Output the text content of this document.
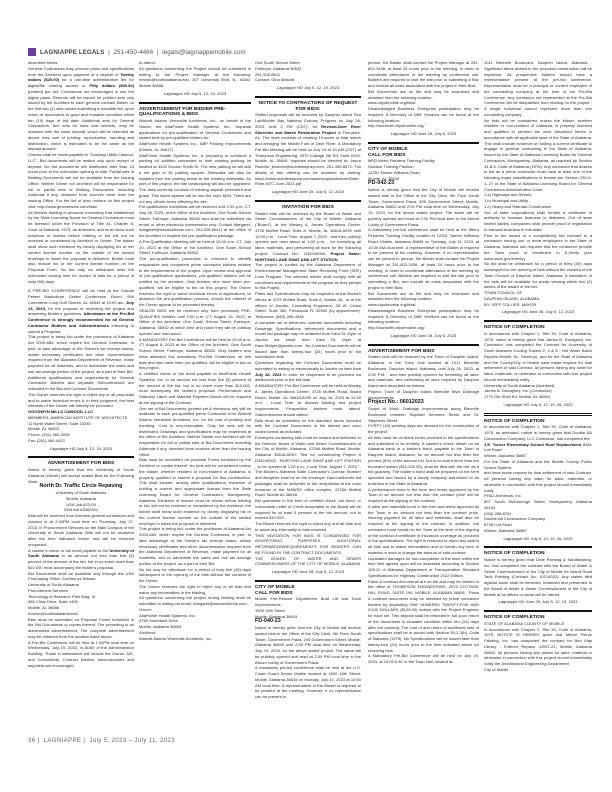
LAGNIAPPE LEGALS
|
251-450-4466
|
legals@lagniappemobile.com

described below.

General Contractors may procure plans and specifications from the Architect upon payment of a deposit of Twenty dollars ($20.00) for a one-time administrative fee for digital/file sharing access or Fifty dollars ($50.00) (printed) per set. Contractors are encouraged to use the digital plans. Refunds will be issued for printed sets only issued by the Architect to each general contract bidder on the first two (2) sets issued submitting a bonafide bid, upon return of documents in good and reusable condition within ten (10) days of bid date. Additional sets for General Contractors, and sets for subs and vendors, may be obtained with the same deposit, which will be refunded as above, less cost of printing, reproduction, handling and distribution, which is estimated to be the same as the deposit amount.

Checks shall be made payable to "Goodwyn Mills Cawood, LLC". Bid documents will be mailed only upon receipt of deposit. No bid documents will distributed later than 24 hours prior to the scheduled opening of bids. Partial sets of Bidding Documents will not be available from the Issuing Office. Neither Owner nor Architect will be responsible for full or partial sets of Bidding Documents, including Addenda if any, obtained from sources other than the Issuing Office. For the list of plan holders on this project visit: http://www.gmcnetwork.com/bids/

All bidders bidding in amounts exceeding that established by the State Licensing Board for General Contractors must be licensed under the Provision of Title 34, Chapter 8, Code of Alabama, 1975, as amended, and must show such evidence of license before bidding or bid will not be received or considered by Architect or Owner. The bidder shall show such evidence by clearly displaying his or her current license number on the outside of the sealed envelope in which the proposal is delivered. Bidder must also include his or her current license number on the Proposal Form. No bid may be withdrawn after the scheduled closing time for receipt of bids for a period of sixty (60) days.

A PRE-BID CONFERENCE will be held at the Claude Peteet Mariculture Center Conference Room, 999 Commerce Loop Gulf Shores, AL 36542 at 10:00 am, July 13, 2023, for the purpose of reviewing the project and answering Bidder's questions. Attendance at the Pre-Bid Conference is strongly recommended for all General Contractor Bidders and Subcontractors intending to submit a Proposal.

This project is being bid under the provisions of Alabama Act 2000-684, which require the General Contractor, in part, to take advantage of the Owner's tax exempt status, obtain necessary certificates and other documentation required from the Alabama Department of Revenue, make payment for all materials, and to administer the sales and use tax savings portion of the project, as a part of their Bid.

Additional qualifications and requirements for General Contractor Bidders and separate Subcontractors are indicated in the Bid and Contract Documents.

The Owner reserves the right to reject any or all proposals and to waive technical errors if, in their judgment, the best interests of the Owner will thereby be promoted.

GOODWYN MILLS CAWOOD, LLC

MEMBERS, AMERICAN INSTITUTE OF ARCHITECTS

11 North Water Street, Suite 15250

Mobile, AL 36602

Phone: (251) 460-4006

Fax: (251) 460-4423

Lagniappe HD July 5, 12, 19, 2023

ADVERTISEMENT FOR BIDS

Notice is hereby given that the University of South Alabama (Owner) will accept sealed Bids for the Following Work:

North Dr. Traffic Circle Repaving

University of South Alabama

Mobile, Alabama

USA Job #23-09

USA Bid #3062901

Bids will be received from licensed general contractors and clocked in at 2:00PM local time on Thursday, July 27, 2023, in Procurement Services on the Main Campus of the University of South Alabama. Bids will not be accepted after the time indicated herein and will be returned unopened.

A cashier's check or bid bond payable to the University of South Alabama in an amount not less than five (5) percent of the amount of the bid, but in no event more than $10,000 must accompany the bidder's proposal.

Bid Documents shall be available only through the USA Purchasing Office. Contact as follows:

University of South Alabama

Procurement Services

Technology & Research Park Bldg. III

650 Clinic Drive, Suite 1400

Mobile, AL 36688

rbrown@southalabama.edu

Bids must be submitted on Proposal Forms furnished in the Bid Documents or copies thereof. The preceding is an abbreviated advertisement. The complete advertisement may be obtained from the location listed above.

A Pre-Bid Conference will be held at 1:00PM local time on Wednesday, July 19, 2023, in AD80 of the Administration Building. Those in attendance will include the Owner, A/E, and Consultants. Contract bidders, subcontractors and suppliers are encouraged

to attend.

All questions concerning the Project should be submitted in writing to the Project Manager at the following: rbrown@southalabama.edu, 307 University Blvd. N., AD80, Mobile 36688.

Lagniappe HD July 5, 12, 19, 2023

ADVERTISEMENT FOR BIDDER PRE-QUALIFICATIONS & BIDS

Walcott Adams Verneuille Architects, Inc., on behalf of the Owner, the AltaPointe Health Systems, Inc., requests applications for pre-qualification of General Contractors and sealed bids by pre-qualified bidders for:

AltaPointe Health Systems Inc., ABP Parking Improvements (Mobile, AL 36617)

AltaPointe Health Systems, Inc. is preparing to construct a parking lot addition connected to their existing parking lot located at 3420 Gordon Smith Dr. The new parking lot will add a net gain of 46 parking spaces. Sidewalks will also be installed from the parking areas to the existing sidewalks. As part of this project, the site landscaping will also be upgraded. The area currently consists of existing asphalt pavement and grass. This storm system will tie into the city's MS4. There are not any off-site items affecting the site.

Pre-qualification submittals will be received until 2:00 p.m. CT, July 25, 2023, at the Office of the Architect, One South School Street, Fairhope, Alabama 36532 and shall be submitted via email, or other electronic transmission only. Contact Margaret, margaret@wavarchitects.com, 251-928-6641) at the office of the Architect to request the pre-qualification package.

A Pre-Qualification Meeting will be held at 10:00 a.m. CT, July 20, 2023 at the Office of the Architect, One South School Street, Fairhope, Alabama 36532.

The pre-qualification procedure is intended to identify responsible and competent prime contractor bidders relative to the requirements of the project. Upon review and approval of pre-qualification applications, pre-qualified bidders will be notified by the architect. Only bidders who have been pre-qualified, will be eligible to bid on this project. The Owner reserves the right to waive technical errors in applications, or abandon the pre-qualification process, should the interest of the Owner appear to be promoted thereby.

SEALED BIDS will be received only from previously PRE-QUALIFIED bidders until 2:00 p.m. CT, August 15, 2023, at Office of the Architect, One South School Street, Fairhope, Alabama, 36532 at which time and place they will be publicly opened and read aloud.

A MANDATORY Pre-Bid Conference will be held at 10:00 a.m. CT August 8, 2023 at the Office of the Architect, One South School Street, Fairhope, Alabama 36532. Only bidders who have attended this mandatory Pre-Bid Conference on this date and who have been pre-qualified, will be eligible to bid on this project.

A certified check or bid bond payable to AltaPointe Health Systems, Inc. in an amount not less than five (5) percent of the amount of the bid, but in no event more than $10,000, must accompany the bidder's proposal. Performance and Statutory Labor and Material Payment Bonds will be required at the signing of the Contract.

One set of Bid Documents (printed set & electronic set) will be available to each pre-qualified prime Contractor from Walcott Adams Verneuille Architects, Inc. for the cost of printing and handling. Cost is non-refundable. Only full sets will be distributed. Drawings and specifications may be examined at the office of the Architect. Neither Owner nor Architect will be responsible for full or partial sets of Bid Documents including Addenda if any, obtained from sources other than the Issuing Office.

Bids must be submitted on proposal Forms furnished by the Architect or copies thereof. No bids will be considered unless the bidder, whether resident or non-resident of Alabama, is properly qualified to submit a proposal for this construction. This shall include, among other qualifications, evidence of holding a current and appropriate license from the State Licensing Board for General Contractors, Montgomery, Alabama. Evidence of license must be shown before bidding or bid will not be received or considered by the Architect; the bidder shall show such evidence by clearly displaying his or her current license number on the outside of the sealed envelope in which the proposal is delivered.

This project is being bid, under the provisions of Alabama Act 2000-684, which require the General Contractor, in part, to take advantage of the Owner's tax exempt status, obtain necessary certificates and other documentation required from the Alabama Department of Revenue, make payment for all materials, and to administer the sales and use tax savings portion of the project, as a part of their Bid.

No bid may be withdrawn for a period of forty-five (45) days subsequent to the opening of the bids without the consent of the Owner.

The Owner reserves the right to reject any or all bids and waive any informalities in the bidding.

All questions concerning the project during bidding shall be submitted in writing via email: margaret@wavarchitects.com.

Owner:

AltaPointe Health Systems, Inc.

5750 Southland Drive

Mobile, Alabama 36693

Architect:

Walcott Adams Verneuille Architects, Inc.

One South School Street

Fairhope, Alabama 36532

251-928-6641

Contact: Gina Walcott

Lagniappe HD July 5, 12, 19, 2023

NOTICE TO CONTRACTORS OF REQUEST FOR BIDS:

Sealed proposals will be received by Dauphin Island Sea Lab/Mobile Bay National Estuary Program on July 26, 2023, until 2 PM (CDT), for Revised-Deer River Shoreline and Marsh Restoration Project in Theodore, AL. The work consists of creating 19-acres of tidal marsh and dredging the Middle Fork of Deer River. A Mandatory Pre-Bid Meeting will be held on July 19 at 10 AM (CDT) at Thompson Engineering, 2970 Cottage Hill Rd, Suite #190, Mobile, AL 36606. Inquiries should be directed to: Jason Rodolfo, jbodolfo@mobilebaynep.com; 251-459-8872. Full details of this offering can be obtained by visiting: https://www.mobilebaynep.com/assets/uploads/main/Deer-River-NTC-June-2023.pdf

Lagniappe HD June 28, July 5, 12, 2023

INVITATION FOR BIDS

Sealed bids will be received by the Board of Water and Sewer Commissioners of the City of Mobile, Alabama ("Board"), at the Wesley A. James Operations Center, 4725 Moffett Road, Suite A, Mobile, AL 36618-8299 until 12:00 p.m. , Local Time, August 7, 2023 , and then publicly opened and read aloud at 1:00 p.m. , for furnishing all labor, materials, and performing all work for the following project: Contract No.: D34240000, Project Name: NORTONS LANE SWAT AND LIFT STATION.

The project is funded by the Alabama Department of Environmental Management State Revolving Fund (SRF) Loan Program. The selected bidder shall comply with all conditions and requirements of the program as they pertain to this Project.

Plans and Specifications may be inspected at the Board's offices at 4725 Moffett Road, Suite A, Mobile, AL, or at the offices of Jacobs, Consulting Engineers, 25 W. Cedar Street, Suite 350, Pensacola FL 32502 (by appointment), Telephone: (850) 396-4938.

A complete set of electronic contract documents including Drawings, Specifications, referenced documents and a model bid package may be obtained from Kara St. Myer of Jacobs via email from Kara St. Myer at Kara.StMyer@jacobs.com . No Contract Documents will be issued later than twenty-four (24) hours prior to bid submission time.

Questions regarding the Contract Documents must be submitted in writing or electronically to Jacobs no later than July 28, 2023 in order for responses to be provided via addendum prior to the bid date.

A MANDATORY Pre-Bid Conference will be held at Wesley A. James Operations Center, 4725 Moffett Road, Board Room, Mobile, AL 36618-8299 on July 18, 2023 at 10:30 a.m. , Local Time, to discuss bidding and project requirements. Prospective bidders must attend. Subcontractors should attend.

Bids must be submitted on the standard forms included with the Contract Documents in the tabbed and color coded format as indicated.

Envelopes containing bids must be sealed and delivered to the Director, Board of Water and Sewer Commissioners of the City of Mobile, Alabama, 4725A Moffett Road, Mobile, Alabama 36618-8299: "Bid for constructing Project # D34240000 - NORTONS LANE SWAT AND LIFT STATION , to be opened at 1:00 p.m., Local Time, August 7, 2023 ". The Bidder's Alabama State Contractor's License Number and discipline shall be on the envelope. Hand-delivered bid packages shall be delivered to the receptionist at the main entrance of the MAWSS office complex, 4725A Moffett Road, Mobile AL 36618.

Bid guarantee in the form of certified check, bid bond, or Irrevocable Letter of Credit acceptable to the Board will be required for at least 5 percent of the bid amount, not to exceed $10,000 .

The Board reserves the right to reject any and all bids and to waive any informality in bids received.

THIS INVITATION FOR BIDS IS CONDENSED FOR ADVERTISING PURPOSES. ADDITIONAL INFORMATION/REQUIREMENTS FOR BIDDERS CAN BE FOUND IN THE CONTRACT DOCUMENTS.

THE BOARD OF WATER AND SEWER COMMISSIONERS OF THE CITY OF MOBILE, ALABAMA

Lagniappe HD June 28, July 5, 12, 2023

CITY OF MOBILE
CALL FOR BIDS

Mobile Fire-Rescue Department Boat Lift and Dock Improvements

1500 15th Street

Mobile, Alabama 36615

FD-040-23

Notice is hereby given that the City of Mobile will receive sealed bids in the Office of the City Clerk, 9th Floor South Tower, Government Plaza, 205 Government Street, Mobile, Alabama 36602 until 2:00 PM local time on Wednesday, July 19, 2023, for the above stated project. The same will be publicly opened and read at 2:30 PM local time in the Atrium Lobby of Government Plaza.

A mandatory pre-bid conference shall be held at the U.S. Coast Guard Sector Mobile located at 1500 15th Street, Mobile, Alabama 36615 on Monday, July 10, 2023 at 10:00 AM local time. A representative of the Bidder is required to be present at the meeting. However, if no representative can be present in

person, the Bidder shall contact the Project Manager at 251-802-3436, at least 24 hours prior to the meeting, in order to coordinate attendance of the meeting by conference call. Bidders are required to visit the site prior to submitting a Bid, and include all costs associated with the project in their Bids.

Bid Documents are on file and may be examined and obtained from the following location:

www.cityofmobile.org/bids/

Disadvantaged Business Enterprise participation may be required. A Directory of DBE Vendors can be found at the following location:

http://workwith.cityofmobile.org/

Lagniappe HD June 28, July 5, 2023

CITY OF MOBILE
CALL FOR BIDS

MPD Metro Firearms Training Facility

Outdoor Training Pavilion

12251 Tanner Williams Road

Mobile, AL 36608

PD-042-23

Notice is hereby given that the City of Mobile will receive sealed bids in the Office of the City Clerk, 9th Floor South Tower, Government Plaza, 205 Government Street, Mobile, Alabama 36602 until 2:00 PM local time on Wednesday, July 19, 2023, for the above stated project. The same will be publicly opened and read at 2:30 PM local time in the Atrium Lobby of Government Plaza.

A mandatory pre-bid conference shall be held at the Metro Firearms Training Facility located at 12251 Tanner Williams Road, Mobile, Alabama 36608 on Tuesday, July 11, 2023, at 10:00 AM local time. A representative of the Bidder is required to be present at the meeting. However, if no representative can be present in person, the Bidder shall contact the Project Manager at 251-802-3436, at least 24 hours prior to the meeting, in order to coordinate attendance of the meeting by conference call. Bidders are required to visit the site prior to submitting a Bid, and include all costs associated with the project in their Bids.

Bid Documents are on file and may be examined and obtained from the following location:

www.cityofmobile.org/bids/

Disadvantaged Business Enterprise participation may be required. A Directory of DBE Vendors can be found at the following location:

http://workwith.cityofmobile.org/

Lagniappe HD June 28, July 5, 2023

ADVERTISEMENT FOR BIDS

Sealed bids will be received by the Town of Dauphin Island, Alabama, in the Town Hall located at 1011 Bienville Boulevard, Dauphin Island, Alabama, until July 26, 2023, at 2:00 P.M. , and then publicly opened for furnishing all labor and materials, and performing all work required by Dauphin Island and described as follows:

Project: Town of Dauphin Island Bienville Blvd Drainage Improvements

Project No.: 06012023

Scope of Work: Drainage improvements along Bienville Boulevard between Raphael Semmes Street and St. Stephens Street.

FORTY (40) working days are allowed for the construction of the project.

All bids must be on blank forms provided in the specifications and submitted in its entirety. A cashier's check drawn on an Alabama bank or a bidder's bond, payable to the Town of Dauphin Island, Alabama, for an amount not less than five percent (5%) of the amount bid, but in no event more than ten thousand dollars ($10,000.00), shall be filed with the bid, as a bid guaranty. The bidder's bond shall be prepared on the form specified and issued by a surety company authorized to do business in the State of Alabama.

A performance bond in the form and terms approved by the Town in an amount not less than the contract price will be required at the signing of the contract.

A labor and materials bond in the form and terms approved by the Town in an amount not less than the contract price, insuring payment for all labor and materials, shall also be required at the signing of the contract. In addition, the contractor must furnish to the Town at the time of the signing of the contract a certificate of insurance coverage as provided in the specifications. The right is reserved to reject any and/or all bids and to waive informalities and to furnish any item of material or work to change the amount of said contract.

Liquidated damages for non-completion of the work within the time limit agreed upon will be assessed according to Section 108.11 of Alabama Department of Transportation Standard Specifications for Highway Construction 2022 Edition.

Plans & contract documents are on file and may be viewed in the office of THOMPSON ENGINEERING, 2970 COTTAGE HILL ROAD, SUITE 190, MOBILE, ALABAMA 36606 . Plans & contract documents may be obtained by prime contractor bidders by depositing ONE HUNDRED TWENTY-FIVE AND 0/100 DOLLARS ($125.00) dollars with the Project Engineer for each set. This deposit shall be refunded in full upon return of the documents in reusable condition within ten (10) days after bid opening. The cost of and return of additional sets of specifications shall be in accord with Section 39-2-3(b), Code of Alabama (1975). No Specifications will be issued later than twenty-four (24) hours prior to the time indicated above for receiving bids.

A Mandatory Pre-Bid Conference will be held on July 19, 2023, at 10:00 A.M. in the Town Hall, located at

1011 Bienville Boulevard, Dauphin Island, Alabama . Significant items related to the proposed construction will be explained. All prospective bidders should have a representative present at the pre-bid conference. Representative must be a principal or current employee of the contracting company at the time of the Pre-Bid Conference. Any contractor not represented at the Pre-Bid Conference will be disqualified from bidding on the project . A single individual cannot represent more than one contracting company.

No bids will be considered unless the bidder, whether resident or non-resident of Alabama, is properly licensed and qualified to perform the work described herein in accordance with all applicable laws of the State of Alabama. This shall include evidence of holding a current certificate to engage in general contracting in the State of Alabama, issued by the State of Alabama Licensing Board for General Contractors, Montgomery, Alabama, as required by Section 34-8-5, Code of Alabama (1975). Any contractor that desires to bid as a prime contractor must have at least one of the following major classifications of license per Section 230-X-1-.27 of the State of Alabama Licensing Board for General Contractors Administrative Code:

1.a) Highways and Streets

1.b) Municipal and Utility

1.c) Heavy and Railroad Construction

Out of state corporations shall furnish a certificate of authority to transact business in Alabama. Out of state limited liability companies shall provide proof of registration to transact business in this state.

Prior to the award of a competitively bid contract to a contractor having one or more employees in the State of Alabama, Alabama law requires that the contractor provide the Town proof of enrollment in E-Verify (see www.uscis.gov/everify).

No bid shall be withdrawn for a period of thirty (30) days subsequent to the opening of bids without the consent of the Town Council of Dauphin Island, Alabama. A tabulation of the bids will be available for public viewing within two (2) weeks of the award of the bid.

TOWN COUNCIL OF

DAUPHIN ISLAND, ALABAMA

BY: JEFF COLLIER, MAYOR

Lagniappe HD June 28, July 5, 12, 2023

NOTICE OF COMPLETION

In accordance with Chapter 1, Title 39, Code of Alabama, 1975, notice is hereby given that James B. Donaghey, Inc. Contractor, has completed the Contract for University of South Alabama Cooling Towers 2, 4 & 5 - Hot Water Basin Repairs Mobile, AL, Owner(s), and for the State of Alabama and the County/City of Mobile have made request for final settlement of said Contract. All persons having any claim for labor, materials, or otherwise in connection with this project should immediately notify

University of South Alabama (Architect)

James B. Donaghey, Inc. (Contractor)

1770 Old Shell Rd. Mobile, AL 36604

Lagniappe HD July 5, 12, 19, 26, 2023

NOTICE OF COMPLETION

In accordance with Chapter 1, Title 39, Code of Alabama, 1975, as amended, notice is hereby given that Double AA Construction Company, LLC Contractor, has completed the

J.E. Turner Elementary School Roof Replacement 8361 Lott Road

Wilmer, Alabama 36587

For the State of Alabama and the Mobile County Public School System,

and have made request for final settlement of said Contract. All persons having any claim for labor, materials, or otherwise in connection with this project should immediately notify

PH&J Architects, Inc.

807 South McDonough Street, Montgomery, Alabama 36104

(334) 265-8781

Double AA Construction Company

8735 Lott Road

Wilmer, Alabama 36587

Lagniappe HD July 5, 12, 19, 26, 2023

NOTICE OF COMPLETION

Notice is hereby given that Dixie Painting & Sandblasting, Inc. has completed the contract with the Board of Water & Sewer Commissioners of the City of Mobile for Island Road Tank Painting (Contract No. 10215022). Any claims filed against same shall be itemized, notarized and presented to the Board of Water & Sewer Commissioners of the City of Mobile at its offices or same will be barred.

Lagniappe HD June 28, July 5, 12, 19, 2023

NOTICE OF COMPLETION

STATE OF ALABAMA COUNTY OF MOBILE

In accordance with Chapter 1, Title 39, Code of Alabama, 1975, NOTICE IS HEREBY given that Melvin Pierce Painting, Inc. has completed the contract for Ben May Library - Exterior Repairs II-BST-21, Mobile, Alabama 36602. All persons having any claims for labor, material or otherwise in connection with this project should immediately notify the Architectural Engineering Department

City of Mobile

36 | LAGNIAPPE | July 5, 2023 – July 11, 2023
